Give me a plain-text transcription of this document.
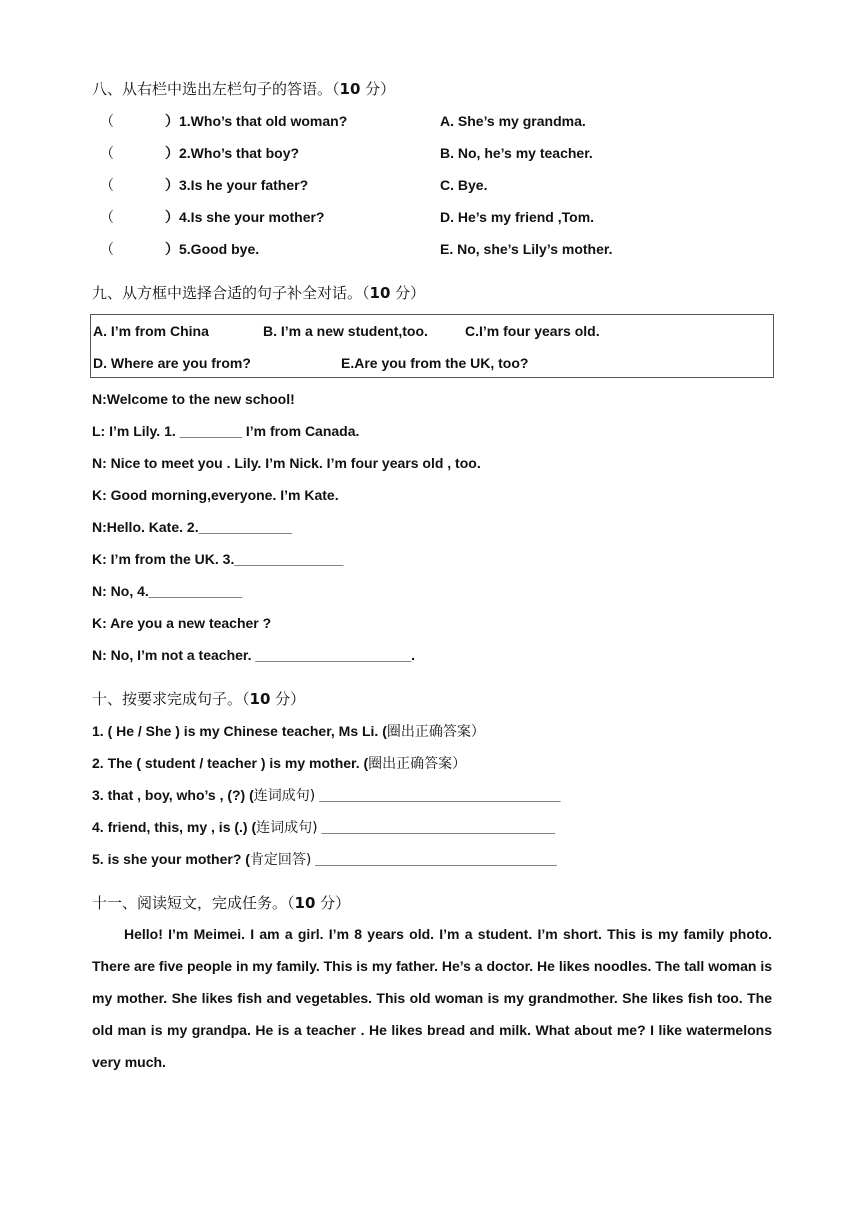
八、从右栏中选出左栏句子的答语。（10 分）
（	）1.Who’s that old woman?	A. She’s my grandma.
（	）2.Who’s that boy?	B. No, he’s my teacher.
（	）3.Is he your father?	C. Bye.
（	）4.Is she your mother?	D. He’s my friend ,Tom.
（	）5.Good bye.	E. No, she’s Lily’s mother.
九、从方框中选择合适的句子补全对话。（10 分）
A. I’m from China	B. I’m a new student,too.	C.I’m four years old.
D. Where are you from?	E.Are you from the UK, too?
N:Welcome to the new school!
L: I’m Lily. 1. ________ I’m from Canada.
N: Nice to meet you . Lily. I’m Nick. I’m four years old , too.
K: Good morning,everyone. I’m Kate.
N:Hello. Kate. 2.____________
K: I’m from the UK. 3.______________
N: No, 4.____________
K: Are you a new teacher ?
N: No, I’m not a teacher. ____________________.
十、按要求完成句子。（10 分）
1. ( He / She ) is my Chinese teacher, Ms Li. (圈出正确答案）
2. The ( student / teacher ) is my mother. (圈出正确答案）
3. that , boy, who’s , (?) (连词成句) _______________________________
4. friend, this, my , is (.) (连词成句) ______________________________
5. is she your mother? (肯定回答) _______________________________
十一、阅读短文，完成任务。（10 分）

Hello! I’m Meimei. I am a girl. I’m 8 years old. I’m a student. I’m short. This is my family photo. There are five people in my family. This is my father. He’s a doctor. He likes noodles. The tall woman is my mother. She likes fish and vegetables. This old woman is my grandmother. She likes fish too. The old man is my grandpa. He is a teacher . He likes bread and milk. What about me? I like watermelons very much.
